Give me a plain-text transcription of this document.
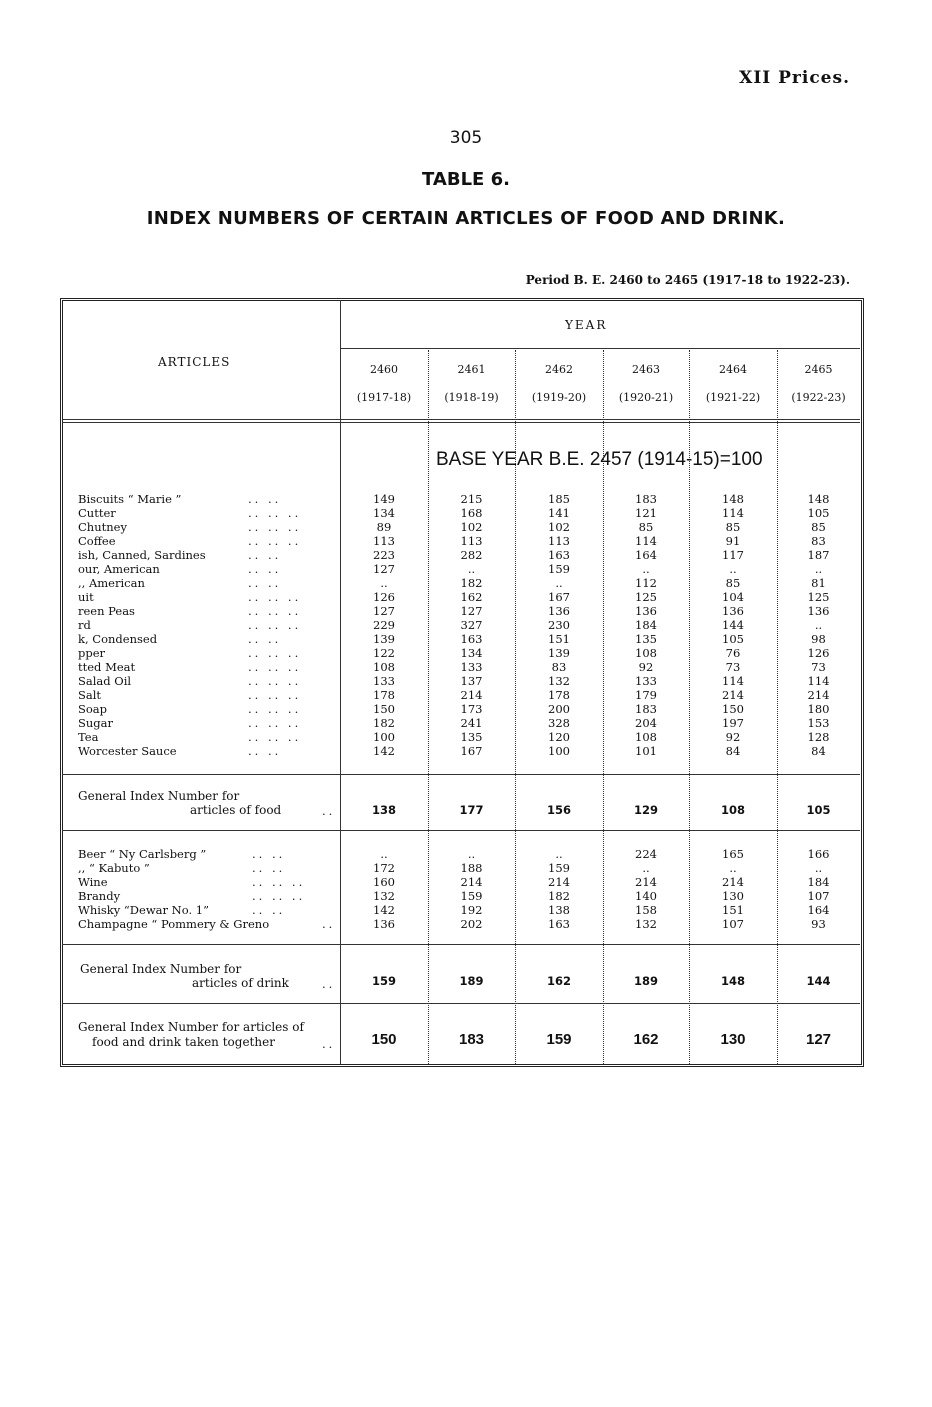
XII Prices.
305
TABLE 6.
INDEX NUMBERS OF CERTAIN ARTICLES OF FOOD AND DRINK.
Period B. E. 2460 to 2465 (1917-18 to 1922-23).
ARTICLES
YEAR
2460
(1917-18)
2461
(1918-19)
2462
(1919-20)
2463
(1920-21)
2464
(1921-22)
2465
(1922-23)
BASE YEAR B.E. 2457 (1914-15)=100
Biscuits “ Marie ”	.. ..	149	215	185	183	148	148
Cutter	.. .. ..	134	168	141	121	114	105
Chutney	.. .. ..	89	102	102	85	85	85
Coffee	.. .. ..	113	113	113	114	91	83
ish, Canned, Sardines	.. ..	223	282	163	164	117	187
our, American	.. ..	127	..	159	..	..	..
,, American	.. ..	..	182	..	112	85	81
uit	.. .. ..	126	162	167	125	104	125
reen Peas	.. .. ..	127	127	136	136	136	136
rd	.. .. ..	229	327	230	184	144	..
k, Condensed	.. ..	139	163	151	135	105	98
pper	.. .. ..	122	134	139	108	76	126
tted Meat	.. .. ..	108	133	83	92	73	73
Salad Oil	.. .. ..	133	137	132	133	114	114
Salt	.. .. ..	178	214	178	179	214	214
Soap	.. .. ..	150	173	200	183	150	180
Sugar	.. .. ..	182	241	328	204	197	153
Tea	.. .. ..	100	135	120	108	92	128
Worcester Sauce	.. ..	142	167	100	101	84	84
General Index Number for
articles of food	..	138	177	156	129	108	105
Beer “ Ny Carlsberg ”	.. ..	..	..	..	224	165	166
,, “ Kabuto ”	.. ..	172	188	159	..	..	..
Wine	.. .. ..	160	214	214	214	214	184
Brandy	.. .. ..	132	159	182	140	130	107
Whisky “Dewar No. 1”	.. ..	142	192	138	158	151	164
Champagne “ Pommery & Greno	..	136	202	163	132	107	93
General Index Number for
articles of drink	..	159	189	162	189	148	144
General Index Number for articles of
food and drink taken together	..	150	183	159	162	130	127
